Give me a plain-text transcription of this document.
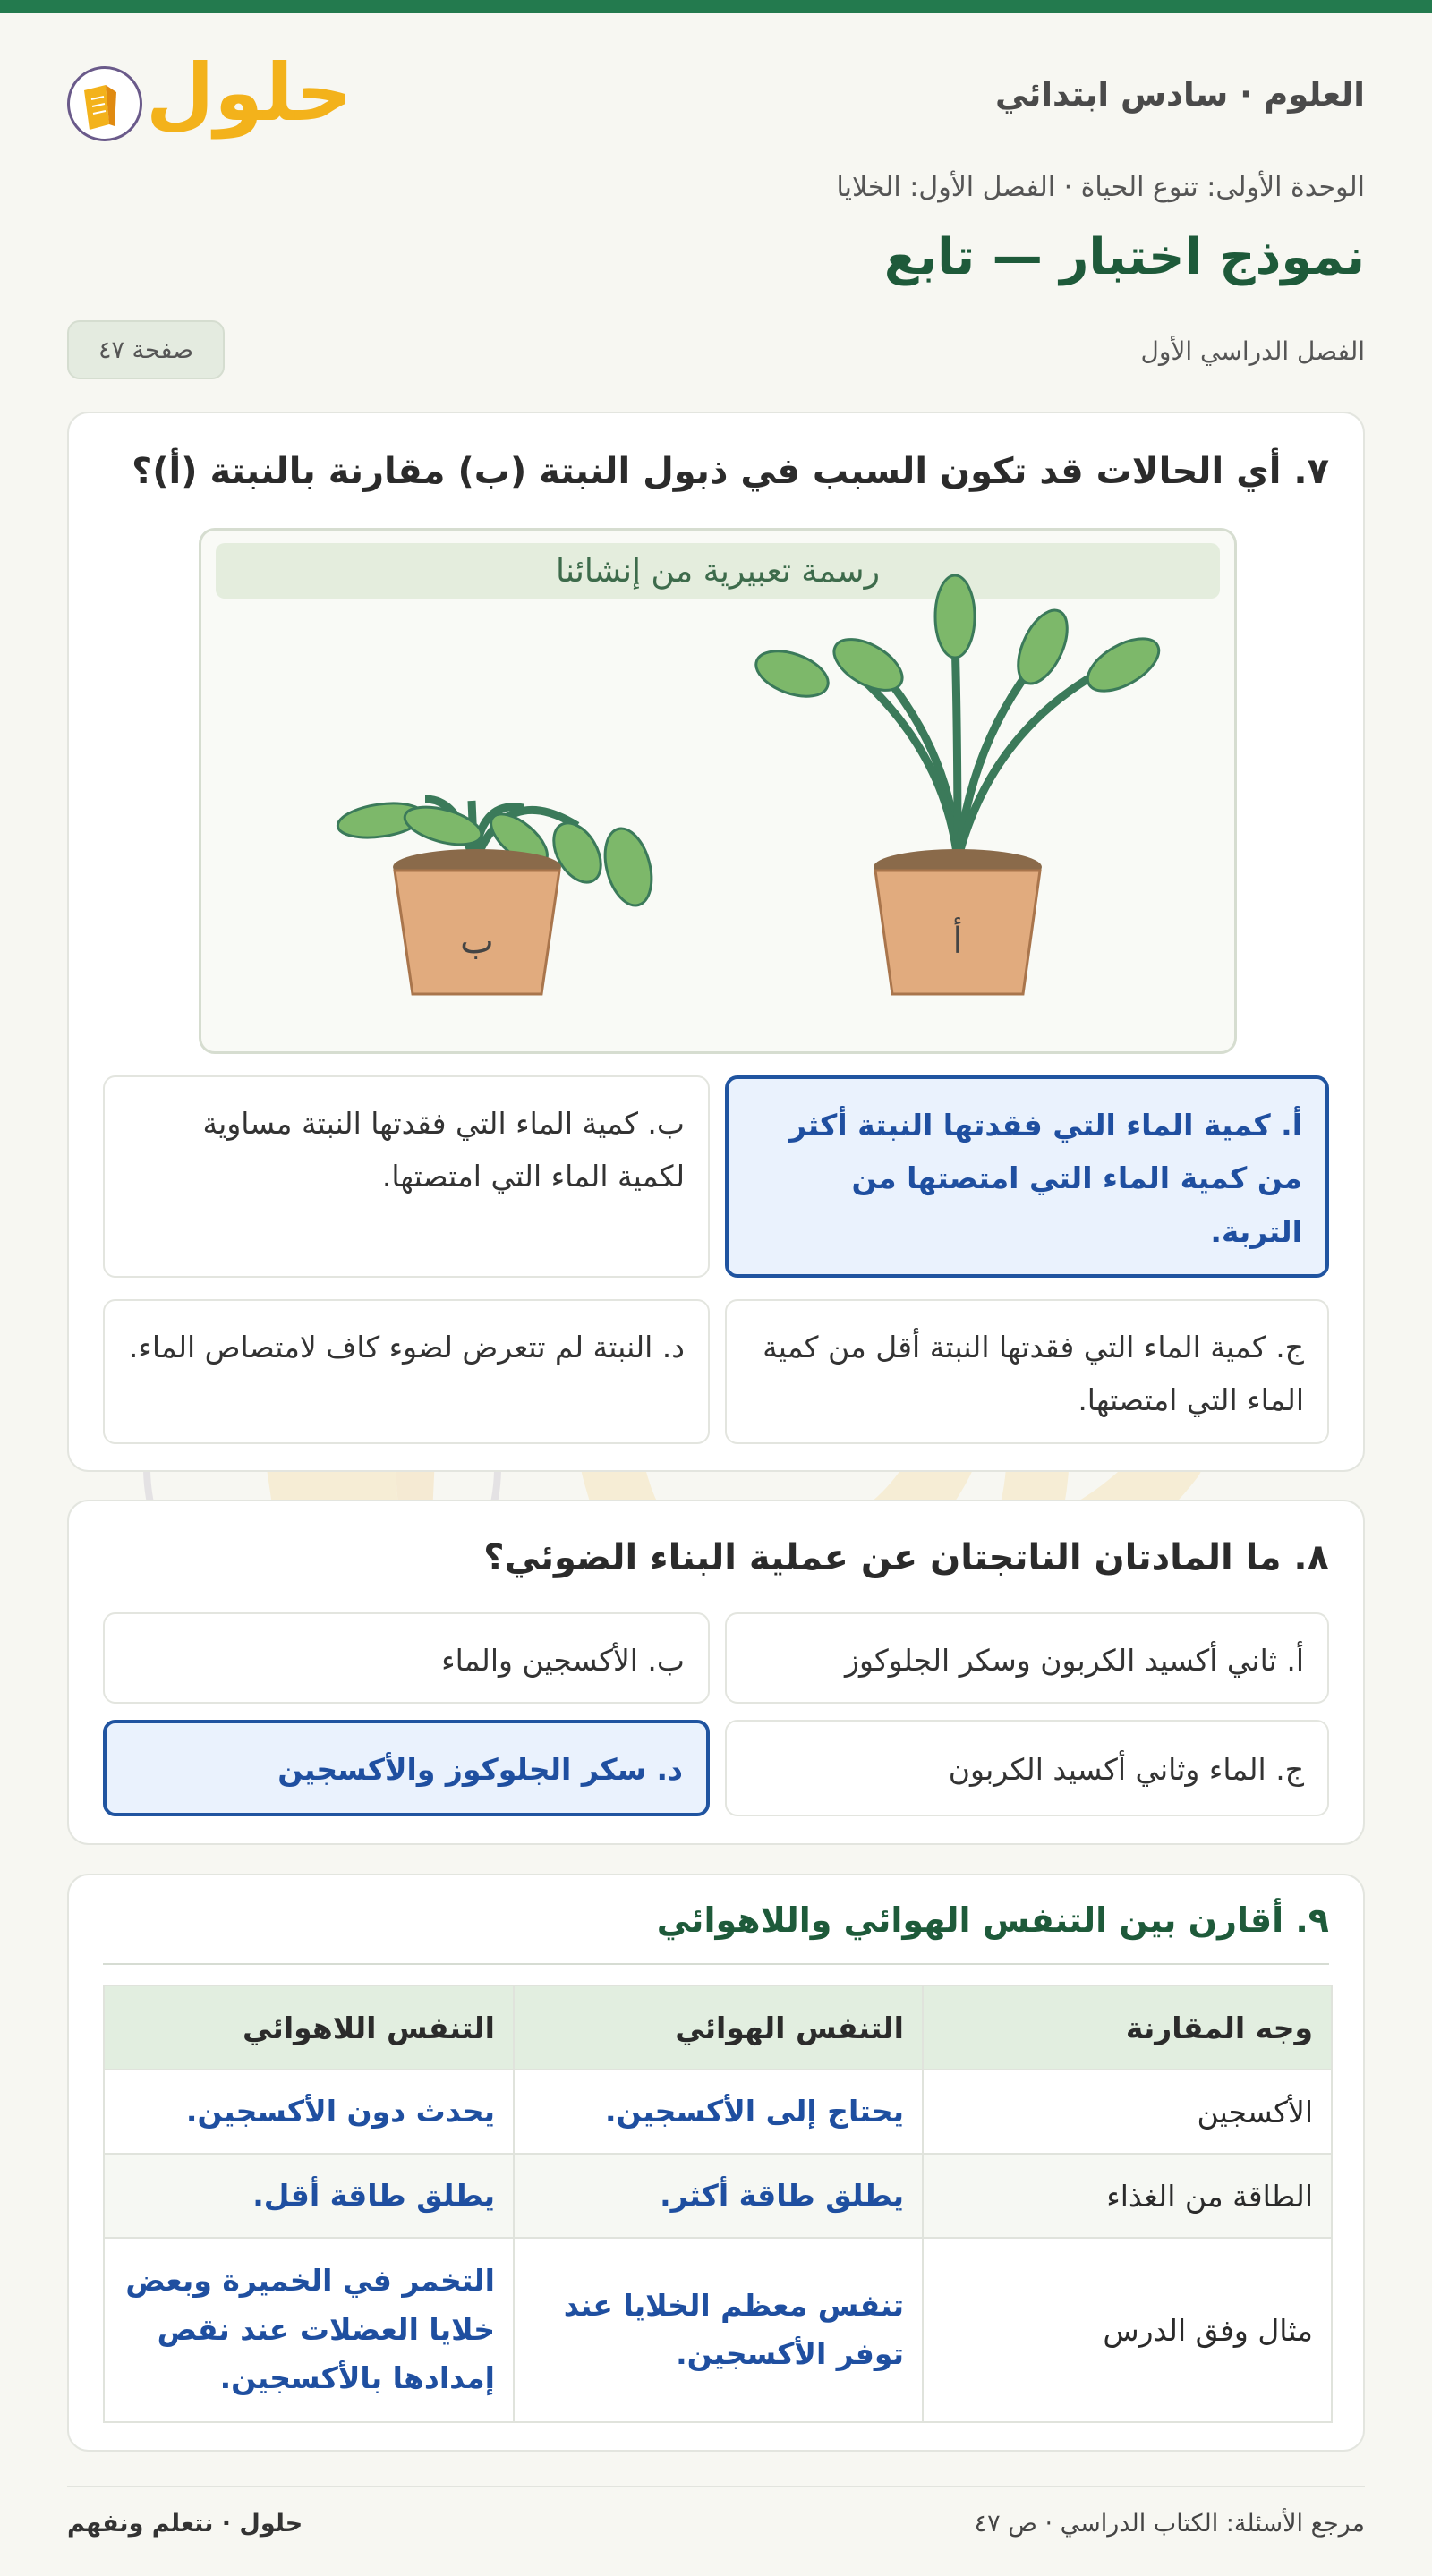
العلوم · سادس ابتدائي
حلول
الوحدة الأولى: تنوع الحياة · الفصل الأول: الخلايا
نموذج اختبار — تابع
الفصل الدراسي الأول
صفحة ٤٧
٧. أي الحالات قد تكون السبب في ذبول النبتة (ب) مقارنة بالنبتة (أ)؟
رسمة تعبيرية من إنشائنا
أ
ب
أ. كمية الماء التي فقدتها النبتة أكثر من كمية الماء التي امتصتها من التربة.
ب. كمية الماء التي فقدتها النبتة مساوية لكمية الماء التي امتصتها.
ج. كمية الماء التي فقدتها النبتة أقل من كمية الماء التي امتصتها.
د. النبتة لم تتعرض لضوء كاف لامتصاص الماء.
٨. ما المادتان الناتجتان عن عملية البناء الضوئي؟
أ. ثاني أكسيد الكربون وسكر الجلوكوز
ب. الأكسجين والماء
ج. الماء وثاني أكسيد الكربون
د. سكر الجلوكوز والأكسجين
٩. أقارن بين التنفس الهوائي واللاهوائي
وجه المقارنة	التنفس الهوائي	التنفس اللاهوائي
الأكسجين	يحتاج إلى الأكسجين.	يحدث دون الأكسجين.
الطاقة من الغذاء	يطلق طاقة أكثر.	يطلق طاقة أقل.
مثال وفق الدرس	تنفس معظم الخلايا عند توفر الأكسجين.	التخمر في الخميرة وبعض خلايا العضلات عند نقص إمدادها بالأكسجين.
مرجع الأسئلة: الكتاب الدراسي · ص ٤٧
حلول · نتعلم ونفهم
